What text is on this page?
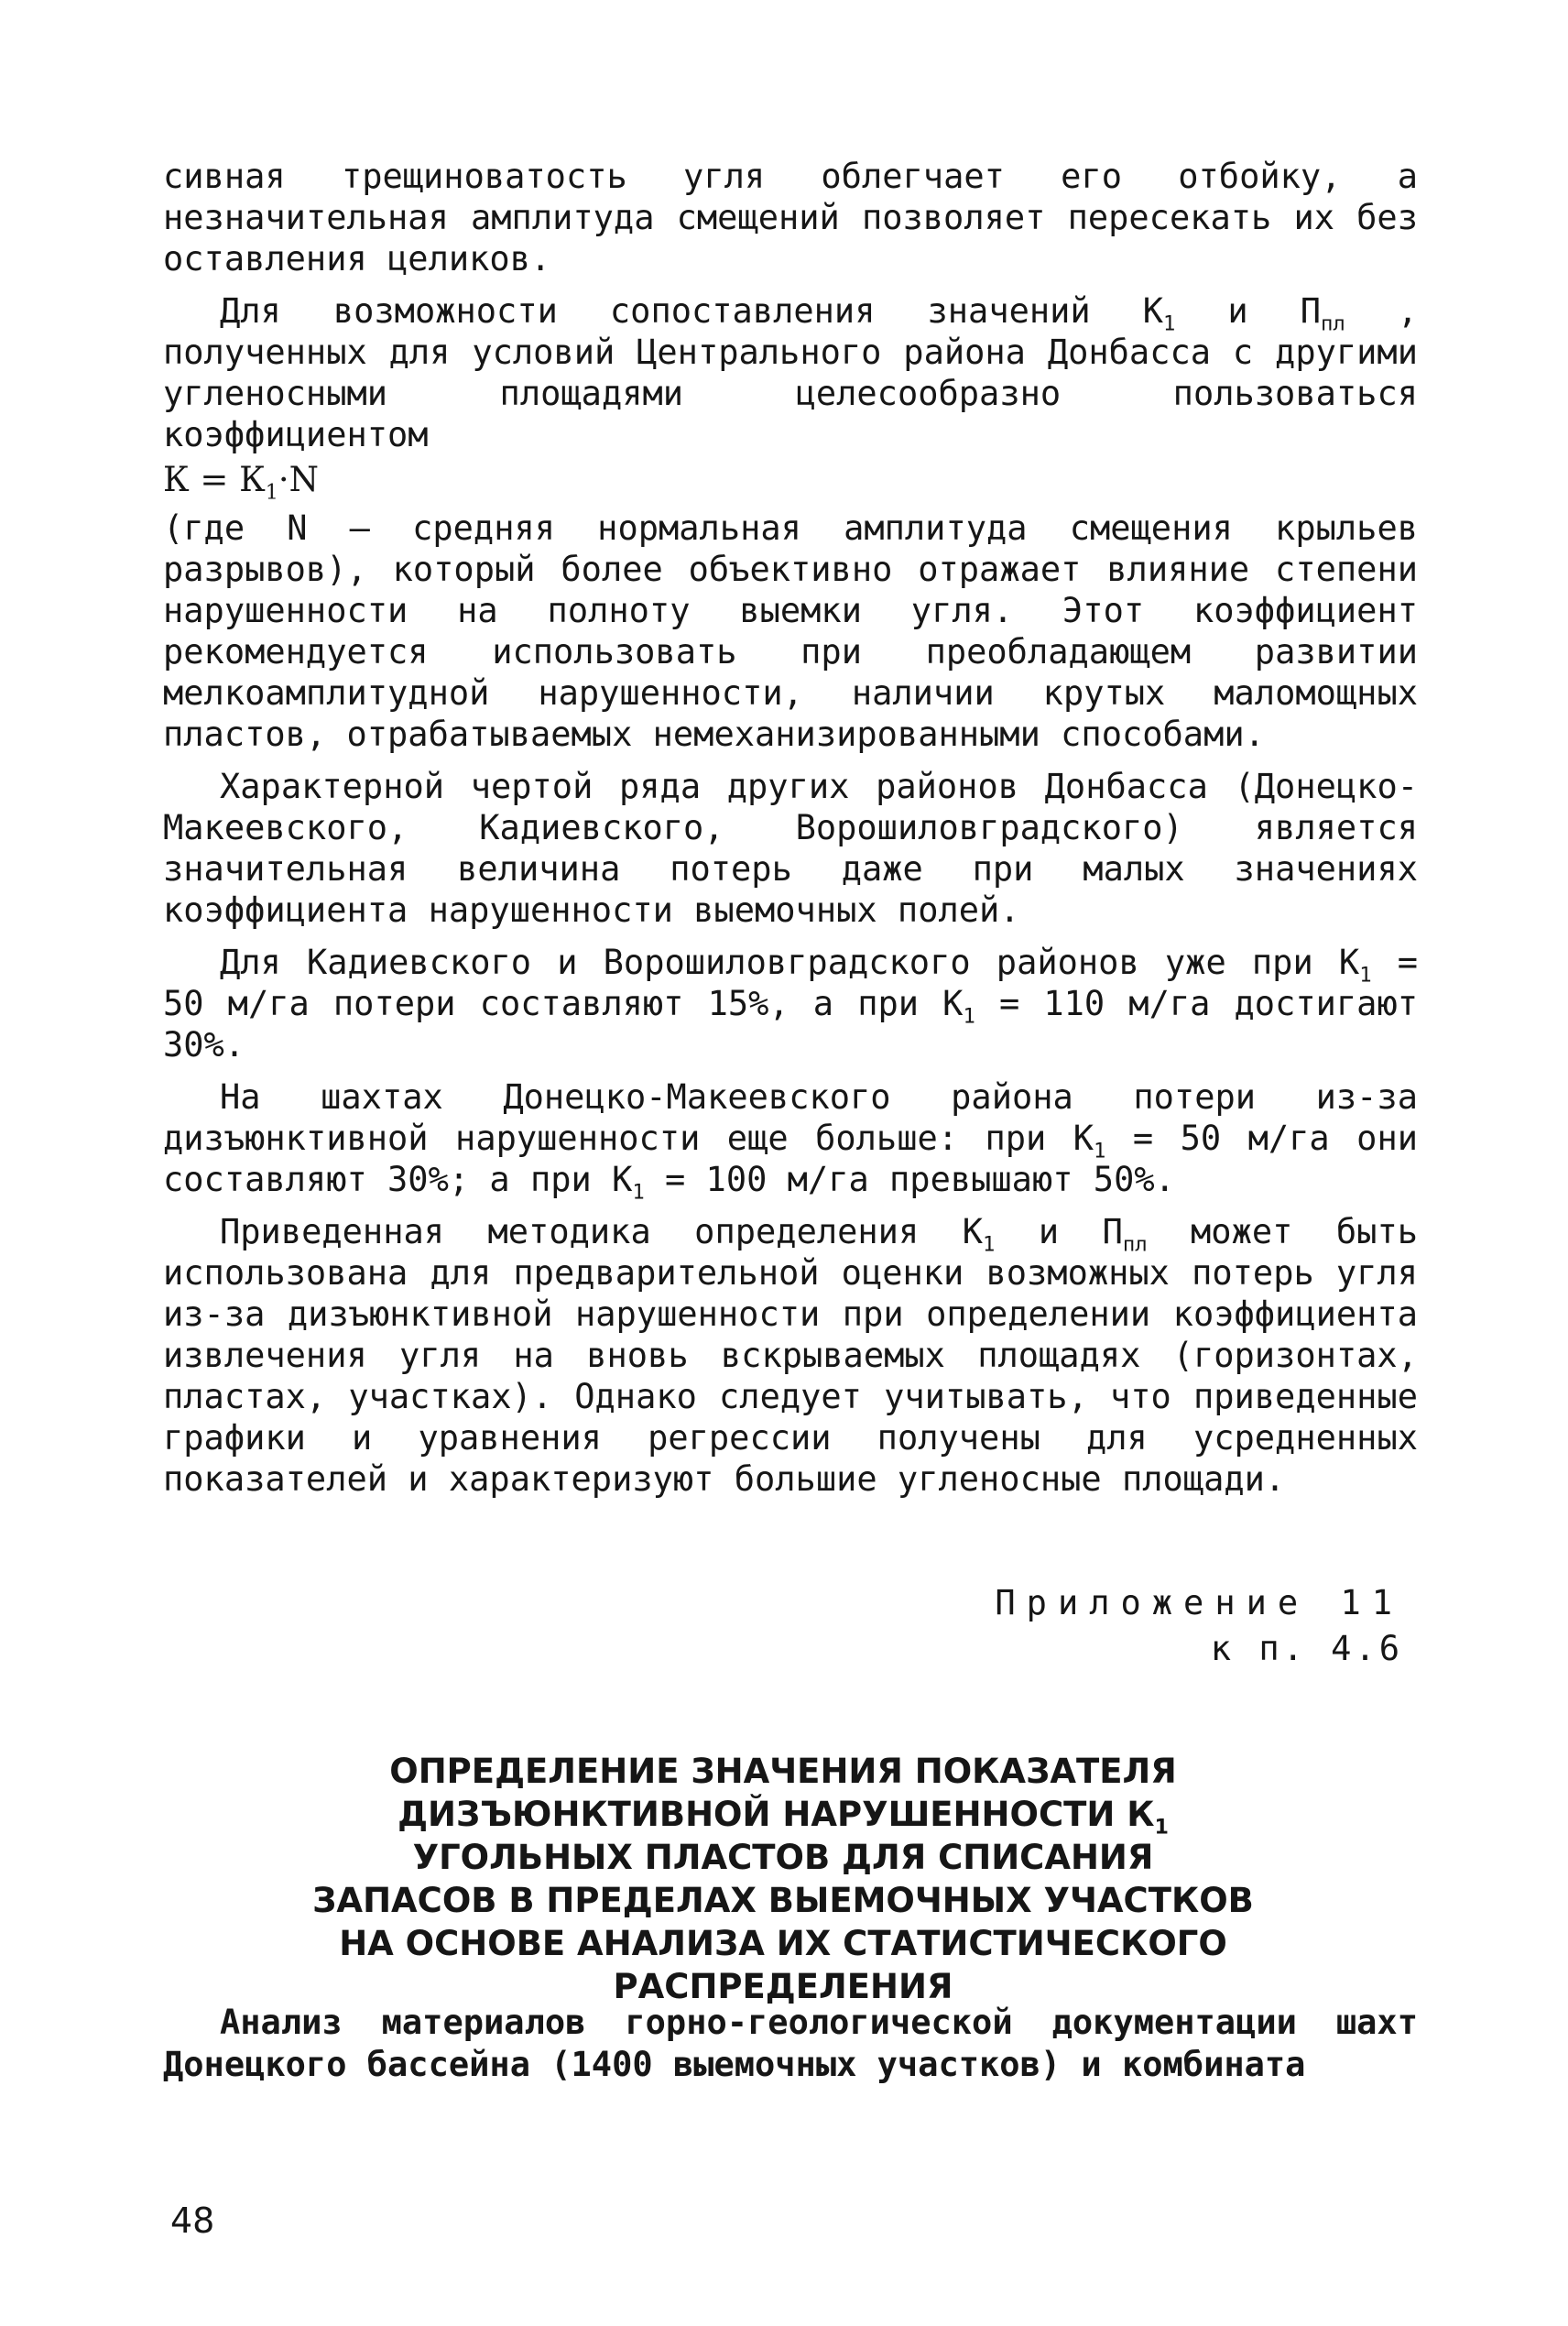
сивная трещиноватость угля облегчает его отбойку, а незначительная амплитуда смещений позволяет пересекать их без оставления целиков.

Для возможности сопоставления значений $К_1$ и $П_{пл}$ , полученных для условий Центрального района Донбасса с другими угленосными площадями целесообразно пользоваться коэффициентом

$К = К_1\cdot N$

(где N – средняя нормальная амплитуда смещения крыльев разрывов), который более объективно отражает влияние степени нарушенности на полноту выемки угля. Этот коэффициент рекомендуется использовать при преобладающем развитии мелкоамплитудной нарушенности, наличии крутых маломощных пластов, отрабатываемых немеханизированными способами.

Характерной чертой ряда других районов Донбасса (Донецко-Макеевского, Кадиевского, Ворошиловградского) является значительная величина потерь даже при малых значениях коэффициента нарушенности выемочных полей.

Для Кадиевского и Ворошиловградского районов уже при $К_1 = 50$ м/га потери составляют 15%, а при $К_1 = 110$ м/га достигают 30%.

На шахтах Донецко-Макеевского района потери из-за дизъюнктивной нарушенности еще больше: при $К_1 = 50$ м/га они составляют 30%; а при $К_1 = 100$ м/га превышают 50%.

Приведенная методика определения $К_1$ и $П_{пл}$ может быть использована для предварительной оценки возможных потерь угля из-за дизъюнктивной нарушенности при определении коэффициента извлечения угля на вновь вскрываемых площадях (горизонтах, пластах, участках). Однако следует учитывать, что приведенные графики и уравнения регрессии получены для усредненных показателей и характеризуют большие угленосные площади.

Приложение 11
к п. 4.6
ОПРЕДЕЛЕНИЕ ЗНАЧЕНИЯ ПОКАЗАТЕЛЯ
ДИЗЪЮНКТИВНОЙ НАРУШЕННОСТИ $К_1$
УГОЛЬНЫХ ПЛАСТОВ ДЛЯ СПИСАНИЯ
ЗАПАСОВ В ПРЕДЕЛАХ ВЫЕМОЧНЫХ УЧАСТКОВ
НА ОСНОВЕ АНАЛИЗА ИХ СТАТИСТИЧЕСКОГО
РАСПРЕДЕЛЕНИЯ

Анализ материалов горно-геологической документации шахт Донецкого бассейна (1400 выемочных участков) и комбината

48
